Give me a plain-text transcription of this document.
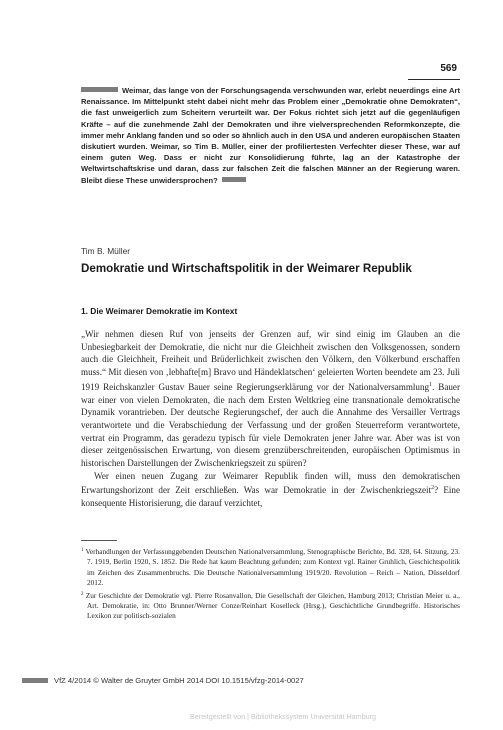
569
Weimar, das lange von der Forschungsagenda verschwunden war, erlebt neuerdings eine Art Renaissance. Im Mittelpunkt steht dabei nicht mehr das Problem einer „Demokratie ohne Demokraten“, die fast unweigerlich zum Scheitern verurteilt war. Der Fokus richtet sich jetzt auf die gegenläufigen Kräfte – auf die zunehmende Zahl der Demokraten und ihre vielversprechenden Reformkonzepte, die immer mehr Anklang fanden und so oder so ähnlich auch in den USA und anderen europäischen Staaten diskutiert wurden. Weimar, so Tim B. Müller, einer der profiliertesten Verfechter dieser These, war auf einem guten Weg. Dass er nicht zur Konsolidierung führte, lag an der Katastrophe der Weltwirtschaftskrise und daran, dass zur falschen Zeit die falschen Männer an der Regierung waren. Bleibt diese These unwidersprochen?
Tim B. Müller
Demokratie und Wirtschaftspolitik in der Weimarer Republik
1. Die Weimarer Demokratie im Kontext

„Wir nehmen diesen Ruf von jenseits der Grenzen auf, wir sind einig im Glauben an die Unbesiegbarkeit der Demokratie, die nicht nur die Gleichheit zwischen den Volksgenossen, sondern auch die Gleichheit, Freiheit und Brüderlichkeit zwischen den Völkern, den Völkerbund erschaffen muss.“ Mit diesen von ‚lebhafte[m] Bravo und Händeklatschen‘ geleierten Worten beendete am 23. Juli 1919 Reichskanzler Gustav Bauer seine Regierungserklärung vor der Nationalversammlung$^1$. Bauer war einer von vielen Demokraten, die nach dem Ersten Weltkrieg eine transnationale demokratische Dynamik vorantrieben. Der deutsche Regierungschef, der auch die Annahme des Versailler Vertrags verantwortete und die Verabschiedung der Verfassung und der großen Steuerreform verantwortete, vertrat ein Programm, das geradezu typisch für viele Demokraten jener Jahre war. Aber was ist von dieser zeitgenössischen Erwartung, von diesem grenzüberschreitenden, europäischen Optimismus in historischen Darstellungen der Zwischenkriegszeit zu spüren?

Wer einen neuen Zugang zur Weimarer Republik finden will, muss den demokratischen Erwartungshorizont der Zeit erschließen. Was war Demokratie in der Zwischenkriegszeit$^2$? Eine konsequente Historisierung, die darauf verzichtet,

$^1$ Verhandlungen der Verfassunggebenden Deutschen Nationalversammlung, Stenographische Berichte, Bd. 328, 64. Sitzung, 23. 7. 1919, Berlin 1920, S. 1852. Die Rede hat kaum Beachtung gefunden; zum Kontext vgl. Rainer Gruhlich, Geschichtspolitik im Zeichen des Zusammenbruchs. Die Deutsche Nationalversammlung 1919/20. Revolution – Reich – Nation, Düsseldorf 2012.

$^2$ Zur Geschichte der Demokratie vgl. Pierre Rosanvallon, Die Gesellschaft der Gleichen, Hamburg 2013; Christian Meier u. a., Art. Demokratie, in: Otto Brunner/Werner Conze/Reinhart Koselleck (Hrsg.), Geschichtliche Grundbegriffe. Historisches Lexikon zur politisch-sozialen

VfZ 4/2014 © Walter de Gruyter GmbH 2014 DOI 10.1515/vfzg-2014-0027
Bereitgestellt von | Bibliothekssystem Universität Hamburg
